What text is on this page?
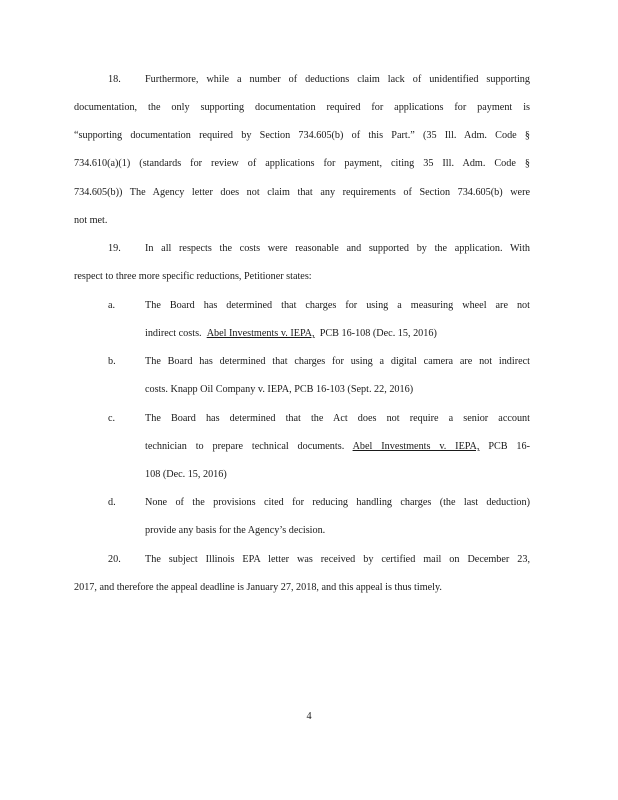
18. Furthermore, while a number of deductions claim lack of unidentified supporting
documentation, the only supporting documentation required for applications for payment is
“supporting documentation required by Section 734.605(b) of this Part.” (35 Ill. Adm. Code §
734.610(a)(1) (standards for review of applications for payment, citing 35 Ill. Adm. Code §
734.605(b)) The Agency letter does not claim that any requirements of Section 734.605(b) were
not met.
19. In all respects the costs were reasonable and supported by the application. With
respect to three more specific reductions, Petitioner states:
a.	The Board has determined that charges for using a measuring wheel are not
indirect costs. Abel Investments v. IEPA, PCB 16-108 (Dec. 15, 2016)
b.	The Board has determined that charges for using a digital camera are not indirect
costs. Knapp Oil Company v. IEPA, PCB 16-103 (Sept. 22, 2016)
c.	The Board has determined that the Act does not require a senior account
technician to prepare technical documents. Abel Investments v. IEPA, PCB 16-
108 (Dec. 15, 2016)
d.	None of the provisions cited for reducing handling charges (the last deduction)
provide any basis for the Agency’s decision.
20. The subject Illinois EPA letter was received by certified mail on December 23,
2017, and therefore the appeal deadline is January 27, 2018, and this appeal is thus timely.
4
